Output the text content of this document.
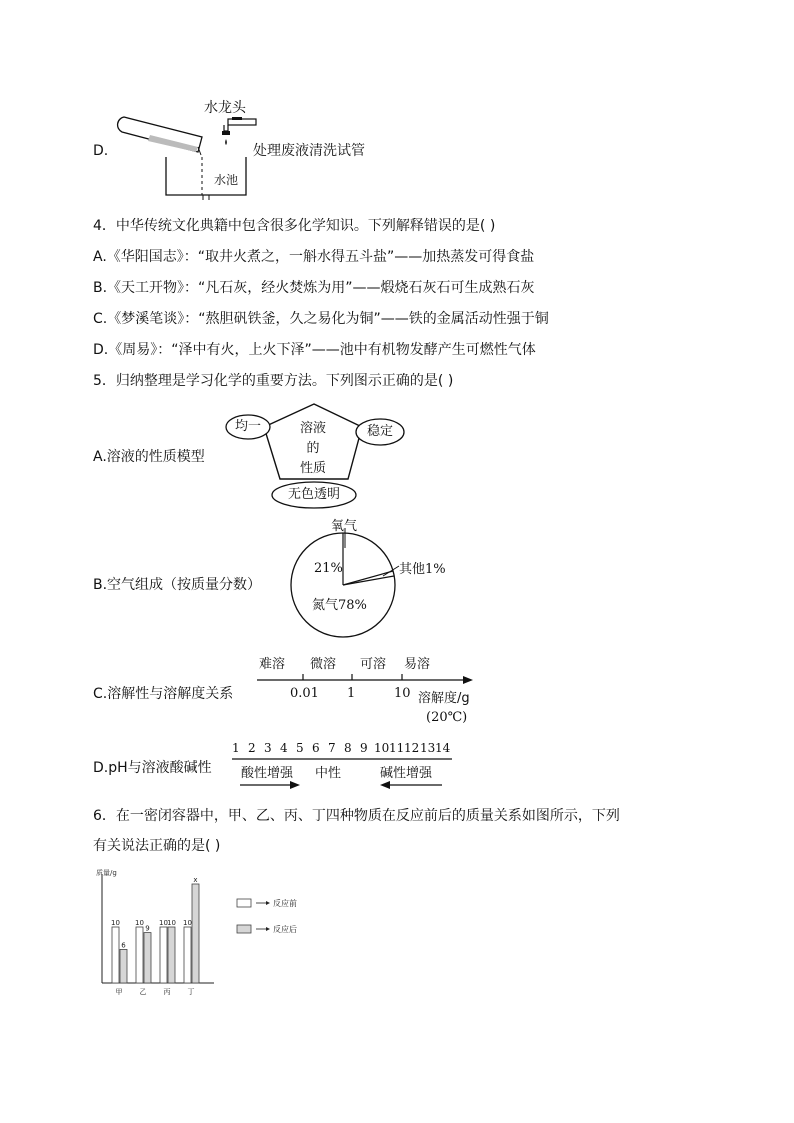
D.
水龙头
水池
处理废液清洗试管
4．中华传统文化典籍中包含很多化学知识。下列解释错误的是( )
A.《华阳国志》：“取井火煮之，一斛水得五斗盐”——加热蒸发可得食盐
B.《天工开物》：“凡石灰，经火焚炼为用”——煅烧石灰石可生成熟石灰
C.《梦溪笔谈》：“熬胆矾铁釜，久之易化为铜”——铁的金属活动性强于铜
D.《周易》：“泽中有火，上火下泽”——池中有机物发酵产生可燃性气体
5．归纳整理是学习化学的重要方法。下列图示正确的是( )
A.溶液的性质模型
溶液
的
性质
均一	稳定
无色透明
B.空气组成（按质量分数）
氧气
21%	其他1%
氮气78%
C.溶解性与溶解度关系
难溶 微溶 可溶 易溶
0.01 1	10 溶解度/g
(20℃)
D.pH与溶液酸碱性
1 2 3 4 5 6 7 8 9 10 11 12 13 14
酸性增强 中性	碱性增强
6．在一密闭容器中，甲、乙、丙、丁四种物质在反应前后的质量关系如图所示，下列
有关说法正确的是( )
质量/g
10
6
甲
10
9
乙
10 10
丙
10
x
丁
反应前
反应后
